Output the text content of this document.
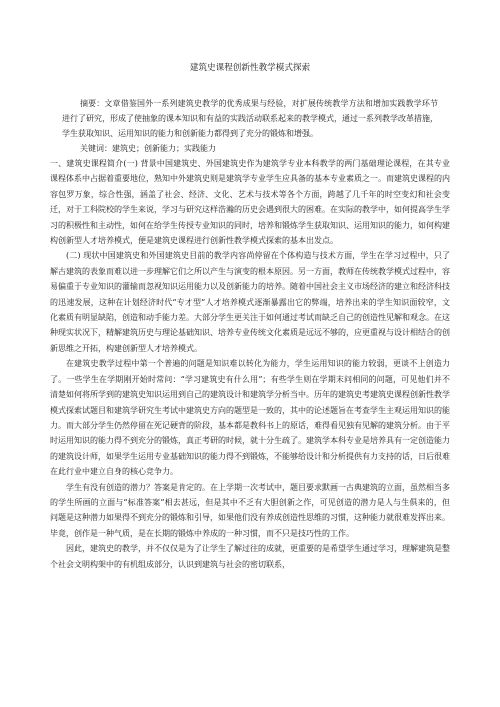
建筑史课程创新性教学模式探索
摘要：文章借鉴国外一系列建筑史教学的优秀成果与经验，对扩展传统教学方法和增加实践教学环节进行了研究，形成了使抽象的课本知识和有益的实践活动联系起来的教学模式，通过一系列教学改革措施，学生获取知识、运用知识的能力和创新能力都得到了充分的锻炼和增强。
关键词：建筑史；创新能力；实践能力

一、建筑史课程简介(一) 背景中国建筑史、外国建筑史作为建筑学专业本科教学的两门基础理论课程，在其专业课程体系中占据着重要地位，熟知中外建筑史则是建筑学专业学生应具备的基本专业素质之一。而建筑史课程的内容包罗万象，综合性强，涵盖了社会、经济、文化、艺术与技术等各个方面，跨越了几千年的时空变幻和社会变迁，对于工科院校的学生来说，学习与研究这样浩瀚的历史会遇到很大的困难。在实际的教学中，如何提高学生学习的积极性和主动性，如何在给学生传授专业知识的同时，培养和锻炼学生获取知识、运用知识的能力，如何构建构创新型人才培养模式，便是建筑史课程进行创新性教学模式探索的基本出发点。

(二) 现状中国建筑史和外国建筑史目前的教学内容尚停留在个体构造与技术方面，学生在学习过程中，只了解古建筑的表象而难以进一步理解它们之所以产生与演变的根本原因。另一方面，教师在传统教学模式过程中，容易偏重于专业知识的灌输而忽视知识运用能力以及创新能力的培养。随着中国社会主义市场经济的建立和经济科技的迅速发展，这种在计划经济时代“专才型”人才培养模式逐渐暴露出它的弊端，培养出来的学生知识面较窄，文化素质有明显缺陷，创造和动手能力差。大部分学生更关注于如何通过考试而缺乏自己的创造性见解和观念。在这种现实状况下，精解建筑历史与理论基础知识、培养专业传统文化素质是远远不够的，应更重视与设计相结合的创新思维之开拓，构建创新型人才培养模式。

在建筑史教学过程中第一个普遍的问题是知识难以转化为能力，学生运用知识的能力较弱，更谈不上创造力了。一些学生在学期刚开始时常问：“学习建筑史有什么用”；有些学生则在学期末问相同的问题，可见他们并不清楚如何将所学到的建筑史知识运用到自己的建筑设计和建筑学分析当中。历年的建筑史考建筑史课程创新性教学模式探索试题目和建筑学研究生考试中建筑史方向的题型是一致的，其中的论述题旨在考查学生主观运用知识的能力。而大部分学生仍然停留在死记硬背的阶段，基本都是教科书上的原话，难得看见独有见解的建筑分析。由于平时运用知识的能力得不到充分的锻炼，真正考研的时候，就十分生疏了。建筑学本科专业是培养具有一定创造能力的建筑设计师，如果学生运用专业基础知识的能力得不到锻炼，不能够给设计和分析提供有力支持的话，日后很难在此行业中建立自身的核心竞争力。

学生有没有创造的潜力？答案是肯定的。在上学期一次考试中，题目要求默画一古典建筑的立面，虽然相当多的学生所画的立面与“标准答案”相去甚远，但是其中不乏有大胆创新之作，可见创造的潜力是人与生俱来的，但问题是这种潜力如果得不到充分的锻炼和引导，如果他们没有养成创造性思维的习惯，这种能力就很难发挥出来。毕竟，创作是一种气质，是在长期的锻炼中养成的一种习惯，而不只是技巧性的工作。

因此，建筑史的教学，并不仅仅是为了让学生了解过往的成就，更重要的是希望学生通过学习，理解建筑是整个社会文明构架中的有机组成部分，认识到建筑与社会的密切联系，
